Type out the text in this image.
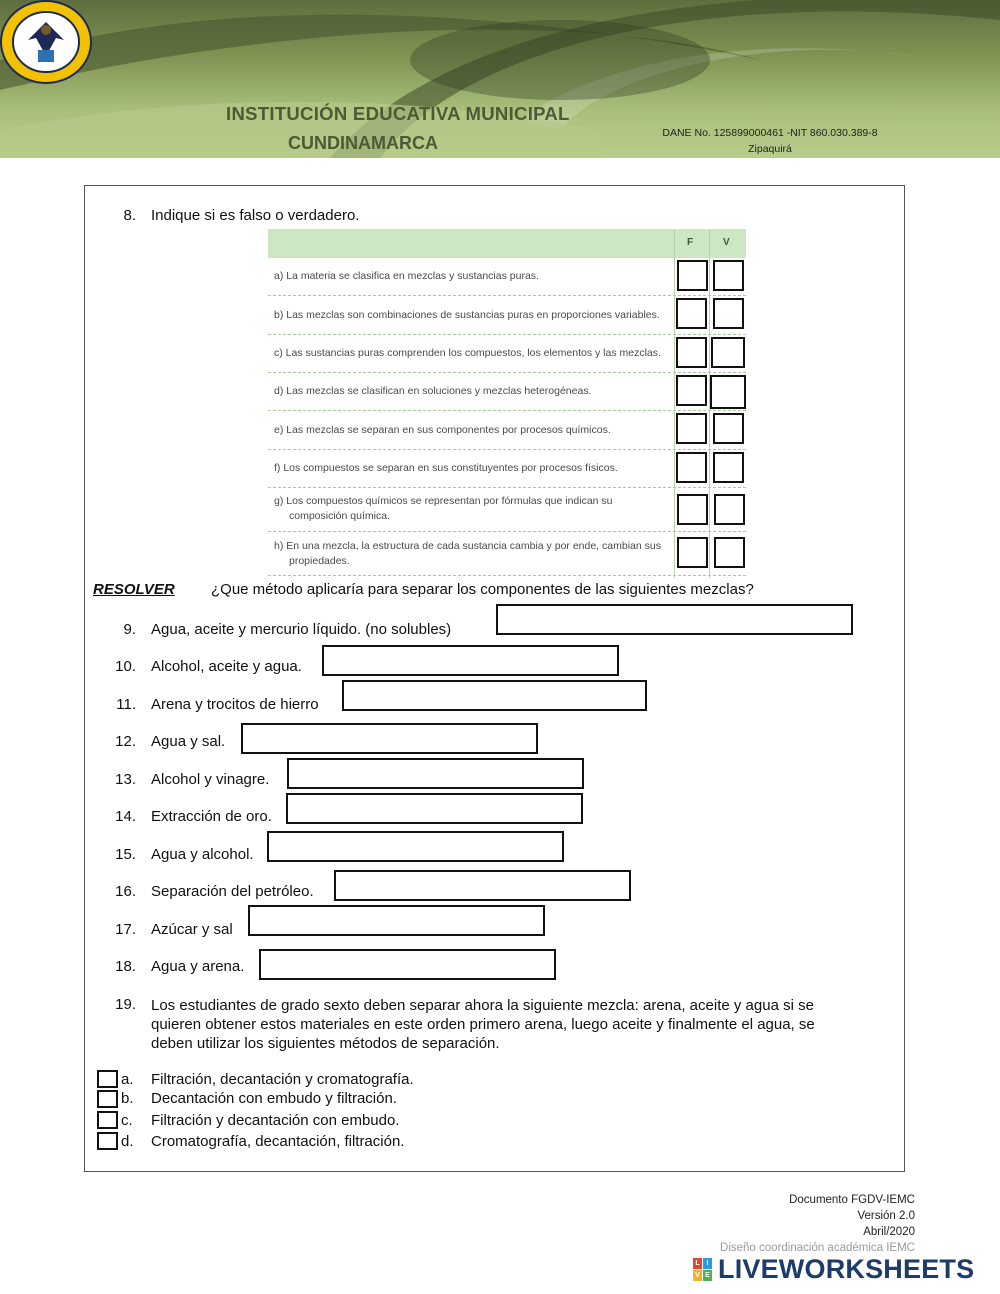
INSTITUCIÓN EDUCATIVA MUNICIPAL
CUNDINAMARCA	DANE No. 125899000461 -NIT 860.030.389-8
Zipaquirá
8. Indique si es falso o verdadero.
F	V
a) La materia se clasifica en mezclas y sustancias puras.
b) Las mezclas son combinaciones de sustancias puras en proporciones variables.
c) Las sustancias puras comprenden los compuestos, los elementos y las mezclas.
d) Las mezclas se clasifican en soluciones y mezclas heterogéneas.
e) Las mezclas se separan en sus componentes por procesos químicos.
f) Los compuestos se separan en sus constituyentes por procesos físicos.
g) Los compuestos químicos se representan por fórmulas que indican su
composición química.
h) En una mezcla, la estructura de cada sustancia cambia y por ende, cambian sus
propiedades.
RESOLVER ¿Que método aplicaría para separar los componentes de las siguientes mezclas?
9. Agua, aceite y mercurio líquido. (no solubles)
10. Alcohol, aceite y agua.
11. Arena y trocitos de hierro
12. Agua y sal.
13. Alcohol y vinagre.
14. Extracción de oro.
15. Agua y alcohol.
16. Separación del petróleo.
17. Azúcar y sal
18. Agua y arena.
19. Los estudiantes de grado sexto deben separar ahora la siguiente mezcla: arena, aceite y agua si se
quieren obtener estos materiales en este orden primero arena, luego aceite y finalmente el agua, se
deben utilizar los siguientes métodos de separación.
a. Filtración, decantación y cromatografía.
b. Decantación con embudo y filtración.
c. Filtración y decantación con embudo.
d. Cromatografía, decantación, filtración.
Documento FGDV-IEMC
Versión 2.0
Abril/2020
Diseño coordinación académica IEMC
L I
V E LIVEWORKSHEETS
